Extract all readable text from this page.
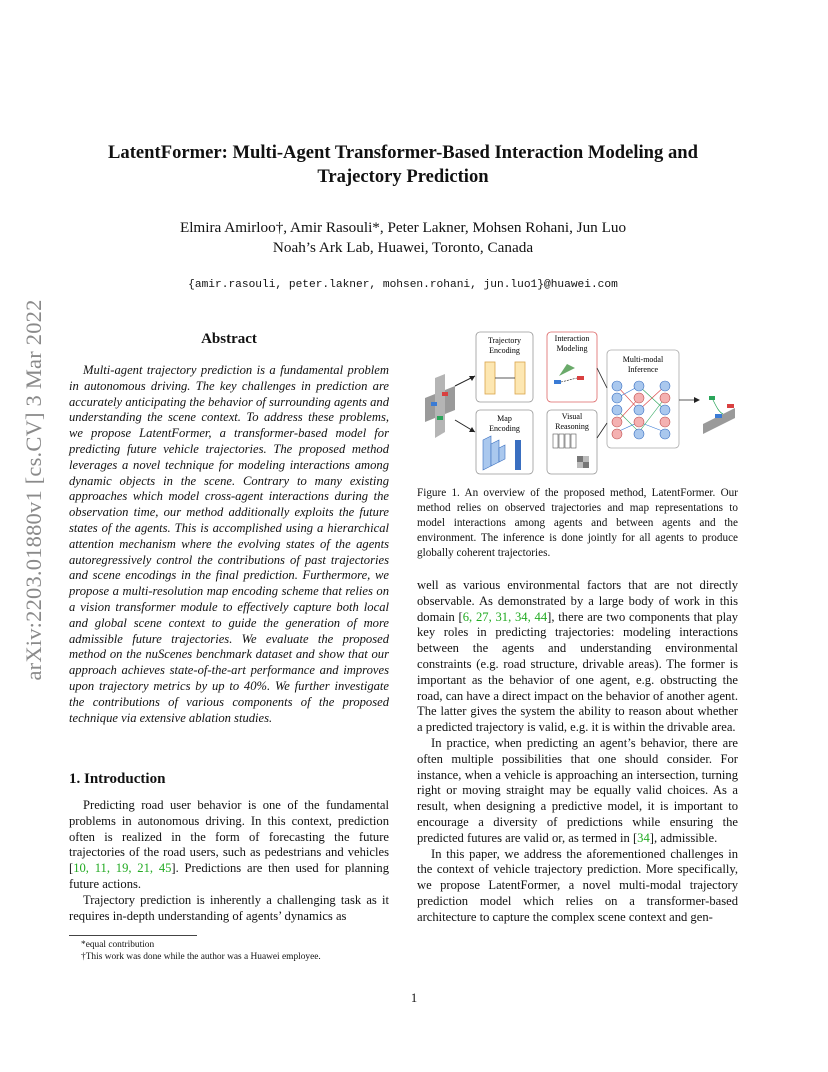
arXiv:2203.01880v1 [cs.CV] 3 Mar 2022
LatentFormer: Multi-Agent Transformer-Based Interaction Modeling and
Trajectory Prediction
Elmira Amirloo†, Amir Rasouli*, Peter Lakner, Mohsen Rohani, Jun Luo
Noah’s Ark Lab, Huawei, Toronto, Canada
{amir.rasouli, peter.lakner, mohsen.rohani, jun.luo1}@huawei.com
Abstract
Multi-agent trajectory prediction is a fundamental problem in autonomous driving. The key challenges in prediction are accurately anticipating the behavior of surrounding agents and understanding the scene context. To address these problems, we propose LatentFormer, a transformer-based model for predicting future vehicle trajectories. The proposed method leverages a novel technique for modeling interactions among dynamic objects in the scene. Contrary to many existing approaches which model cross-agent interactions during the observation time, our method additionally exploits the future states of the agents. This is accomplished using a hierarchical attention mechanism where the evolving states of the agents autoregressively control the contributions of past trajectories and scene encodings in the final prediction. Furthermore, we propose a multi-resolution map encoding scheme that relies on a vision transformer module to effectively capture both local and global scene context to guide the generation of more admissible future trajectories. We evaluate the proposed method on the nuScenes benchmark dataset and show that our approach achieves state-of-the-art performance and improves upon trajectory metrics by up to 40%. We further investigate the contributions of various components of the proposed technique via extensive ablation studies.
1. Introduction

Predicting road user behavior is one of the fundamental problems in autonomous driving. In this context, prediction often is realized in the form of forecasting the future trajectories of the road users, such as pedestrians and vehicles [10, 11, 19, 21, 45]. Predictions are then used for planning future actions.

Trajectory prediction is inherently a challenging task as it requires in-depth understanding of agents’ dynamics as

*equal contribution
†This work was done while the author was a Huawei employee.
Trajectory
Encoding
Interaction
Modeling
Map
Encoding
Visual
Reasoning
Multi-modal
Inference
Figure 1. An overview of the proposed method, LatentFormer. Our method relies on observed trajectories and map representations to model interactions among agents and between agents and the environment. The inference is done jointly for all agents to produce globally coherent trajectories.

well as various environmental factors that are not directly observable. As demonstrated by a large body of work in this domain [6, 27, 31, 34, 44], there are two components that play key roles in predicting trajectories: modeling interactions between the agents and understanding environmental constraints (e.g. road structure, drivable areas). The former is important as the behavior of one agent, e.g. obstructing the road, can have a direct impact on the behavior of another agent. The latter gives the system the ability to reason about whether a predicted trajectory is valid, e.g. it is within the drivable area.

In practice, when predicting an agent’s behavior, there are often multiple possibilities that one should consider. For instance, when a vehicle is approaching an intersection, turning right or moving straight may be equally valid choices. As a result, when designing a predictive model, it is important to encourage a diversity of predictions while ensuring the predicted futures are valid or, as termed in [34], admissible.

In this paper, we address the aforementioned challenges in the context of vehicle trajectory prediction. More specifically, we propose LatentFormer, a novel multi-modal trajectory prediction model which relies on a transformer-based architecture to capture the complex scene context and gen-

1
